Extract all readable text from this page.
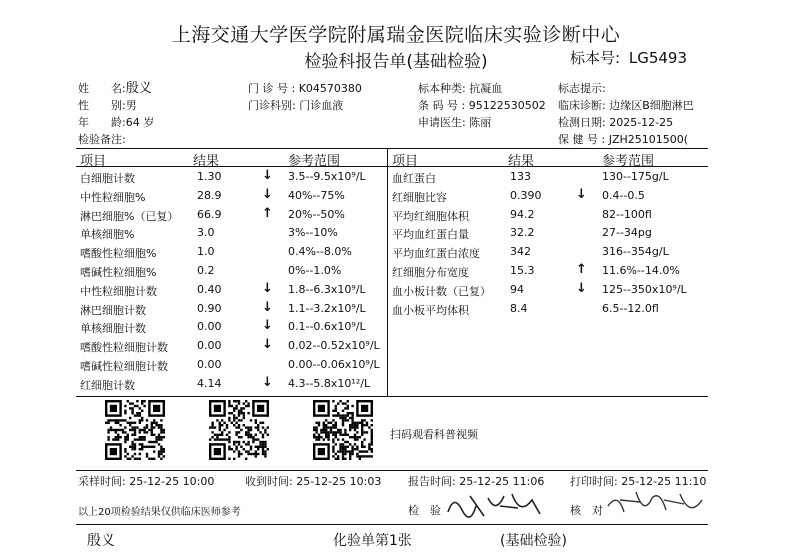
上海交通大学医学院附属瑞金医院临床实验诊断中心
检验科报告单(基础检验)	标本号: LG5493
姓　　名:殷义
性　　别:男
年　　龄:64 岁
检验备注:
门 诊 号 : K04570380
门诊科别: 门诊血液
标本种类: 抗凝血
条 码 号 : 95122530502
申请医生: 陈丽
标志提示:
临床诊断: 边缘区B细胞淋巴
检测日期: 2025-12-25
保 健 号 : JZH25101500(
项目	结果	参考范围	项目	结果	参考范围
白细胞计数	1.30	↓ 3.5--9.5x10⁹/L
中性粒细胞%	28.9	↓ 40%--75%
淋巴细胞%（已复） 66.9	↑ 20%--50%
单核细胞%	3.0	3%--10%
嗜酸性粒细胞%	1.0	0.4%--8.0%
嗜碱性粒细胞%	0.2	0%--1.0%
中性粒细胞计数	0.40	↓ 1.8--6.3x10⁹/L
淋巴细胞计数	0.90	↓ 1.1--3.2x10⁹/L
单核细胞计数	0.00	↓ 0.1--0.6x10⁹/L
嗜酸性粒细胞计数	0.00	↓ 0.02--0.52x10⁹/L
嗜碱性粒细胞计数	0.00	0.00--0.06x10⁹/L
红细胞计数	4.14	↓ 4.3--5.8x10¹²/L
血红蛋白	133	130--175g/L
红细胞比容	0.390	↓ 0.4--0.5
平均红细胞体积	94.2	82--100fl
平均血红蛋白量	32.2	27--34pg
平均血红蛋白浓度	342	316--354g/L
红细胞分布宽度	15.3	↑ 11.6%--14.0%
血小板计数（已复） 94	↓ 125--350x10⁹/L
血小板平均体积	8.4	6.5--12.0fl
扫码观看科普视频
采样时间: 25-12-25 10:00	收到时间: 25-12-25 10:03 报告时间: 25-12-25 11:06 打印时间: 25-12-25 11:10
以上20项检验结果仅供临床医师参考	检　验	核　对
殷义	化验单第1张	(基础检验)
